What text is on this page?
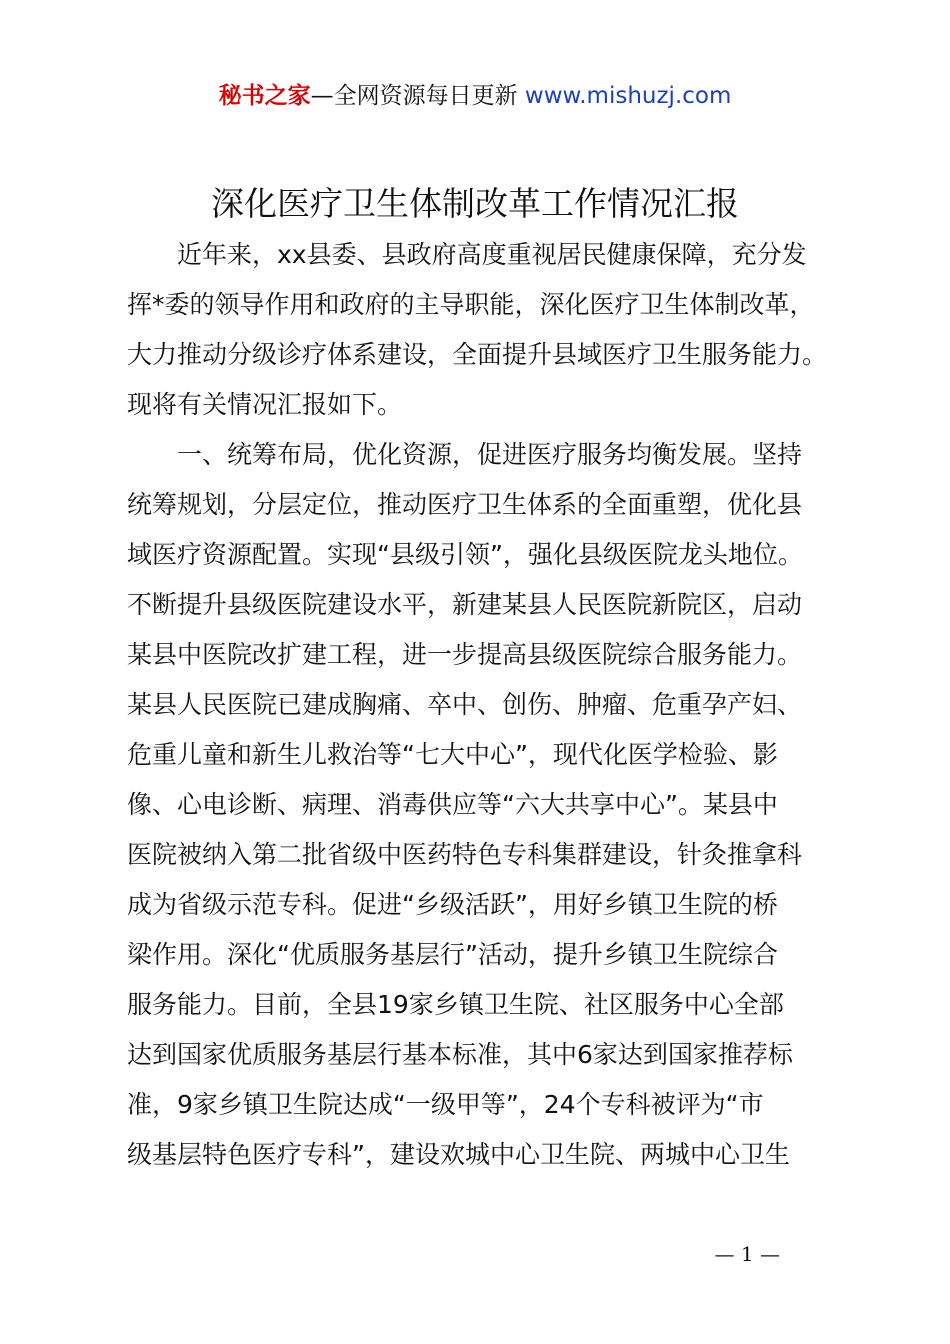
秘书之家—全网资源每日更新 www.mishuzj.com
深化医疗卫生体制改革工作情况汇报
　　近年来，xx县委、县政府高度重视居民健康保障，充分发
挥*委的领导作用和政府的主导职能，深化医疗卫生体制改革，
大力推动分级诊疗体系建设，全面提升县域医疗卫生服务能力。
现将有关情况汇报如下。
　　一、统筹布局，优化资源，促进医疗服务均衡发展。坚持
统筹规划，分层定位，推动医疗卫生体系的全面重塑，优化县
域医疗资源配置。实现“县级引领”，强化县级医院龙头地位。
不断提升县级医院建设水平，新建某县人民医院新院区，启动
某县中医院改扩建工程，进一步提高县级医院综合服务能力。
某县人民医院已建成胸痛、卒中、创伤、肿瘤、危重孕产妇、
危重儿童和新生儿救治等“七大中心”，现代化医学检验、影
像、心电诊断、病理、消毒供应等“六大共享中心”。某县中
医院被纳入第二批省级中医药特色专科集群建设，针灸推拿科
成为省级示范专科。促进“乡级活跃”，用好乡镇卫生院的桥
梁作用。深化“优质服务基层行”活动，提升乡镇卫生院综合
服务能力。目前，全县19家乡镇卫生院、社区服务中心全部
达到国家优质服务基层行基本标准，其中6家达到国家推荐标
准，9家乡镇卫生院达成“一级甲等”，24个专科被评为“市
级基层特色医疗专科”，建设欢城中心卫生院、两城中心卫生
— 1 —
